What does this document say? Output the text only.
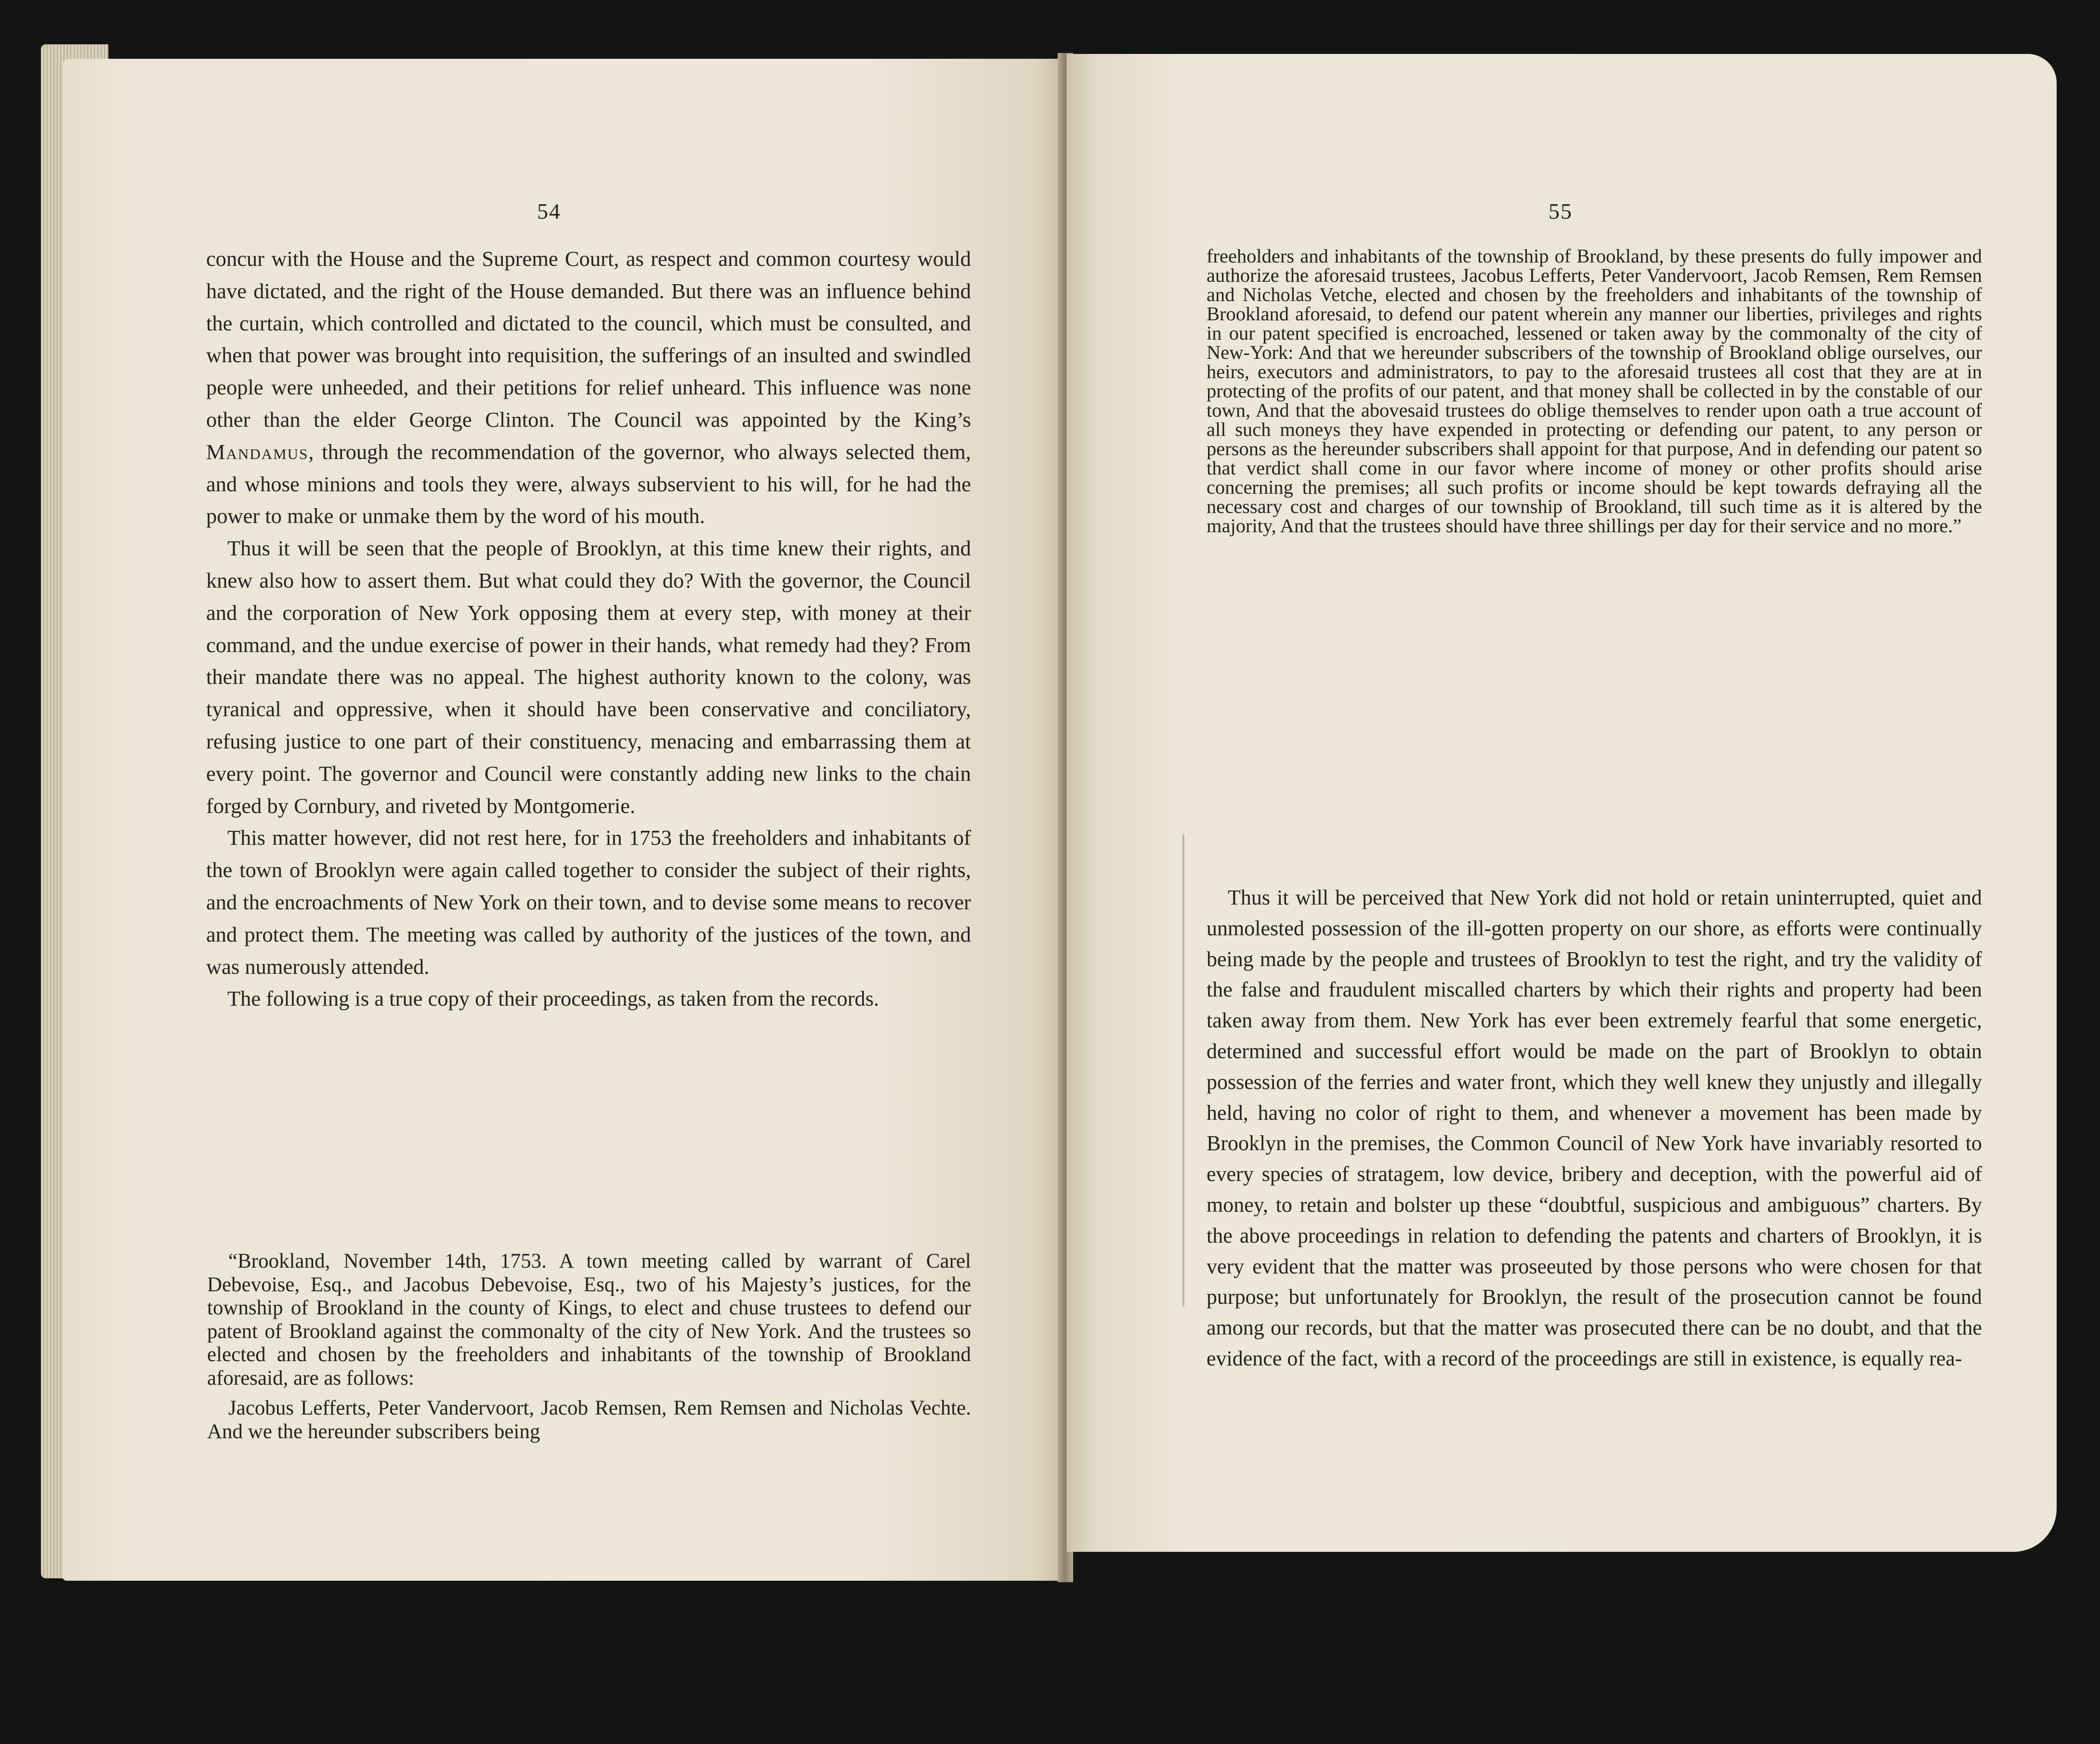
54

concur with the House and the Supreme Court, as respect and common courtesy would have dictated, and the right of the House demanded. But there was an influence behind the curtain, which controlled and dictated to the council, which must be consulted, and when that power was brought into requisition, the sufferings of an insulted and swindled people were unheeded, and their petitions for relief unheard. This influence was none other than the elder George Clinton. The Council was appointed by the King’s Mandamus, through the recommendation of the governor, who always selected them, and whose minions and tools they were, always subservient to his will, for he had the power to make or unmake them by the word of his mouth.

Thus it will be seen that the people of Brooklyn, at this time knew their rights, and knew also how to assert them. But what could they do? With the governor, the Council and the corporation of New York opposing them at every step, with money at their command, and the undue exercise of power in their hands, what remedy had they? From their mandate there was no appeal. The highest authority known to the colony, was tyranical and oppressive, when it should have been conservative and conciliatory, refusing justice to one part of their constituency, menacing and embarrassing them at every point. The governor and Council were constantly adding new links to the chain forged by Cornbury, and riveted by Montgomerie.

This matter however, did not rest here, for in 1753 the freeholders and inhabitants of the town of Brooklyn were again called together to consider the subject of their rights, and the encroachments of New York on their town, and to devise some means to recover and protect them. The meeting was called by authority of the justices of the town, and was numerously attended.

The following is a true copy of their proceedings, as taken from the records.

“Brookland, November 14th, 1753. A town meeting called by warrant of Carel Debevoise, Esq., and Jacobus Debevoise, Esq., two of his Majesty’s justices, for the township of Brookland in the county of Kings, to elect and chuse trustees to defend our patent of Brookland against the commonalty of the city of New York. And the trustees so elected and chosen by the freeholders and inhabitants of the township of Brookland aforesaid, are as follows:

Jacobus Lefferts, Peter Vandervoort, Jacob Remsen, Rem Remsen and Nicholas Vechte. And we the hereunder subscribers being

55

freeholders and inhabitants of the township of Brookland, by these presents do fully impower and authorize the aforesaid trustees, Jacobus Lefferts, Peter Vandervoort, Jacob Remsen, Rem Remsen and Nicholas Vetche, elected and chosen by the freeholders and inhabitants of the township of Brookland aforesaid, to defend our patent wherein any manner our liberties, privileges and rights in our patent specified is encroached, lessened or taken away by the commonalty of the city of New-York: And that we hereunder subscribers of the township of Brookland oblige ourselves, our heirs, executors and administrators, to pay to the aforesaid trustees all cost that they are at in protecting of the profits of our patent, and that money shall be collected in by the constable of our town, And that the abovesaid trustees do oblige themselves to render upon oath a true account of all such moneys they have expended in protecting or defending our patent, to any person or persons as the hereunder subscribers shall appoint for that purpose, And in defending our patent so that verdict shall come in our favor where income of money or other profits should arise concerning the premises; all such profits or income should be kept towards defraying all the necessary cost and charges of our township of Brookland, till such time as it is altered by the majority, And that the trustees should have three shillings per day for their service and no more.”

Thus it will be perceived that New York did not hold or retain uninterrupted, quiet and unmolested possession of the ill-gotten property on our shore, as efforts were continually being made by the people and trustees of Brooklyn to test the right, and try the validity of the false and fraudulent miscalled charters by which their rights and property had been taken away from them. New York has ever been extremely fearful that some energetic, determined and successful effort would be made on the part of Brooklyn to obtain possession of the ferries and water front, which they well knew they unjustly and illegally held, having no color of right to them, and whenever a movement has been made by Brooklyn in the premises, the Common Council of New York have invariably resorted to every species of stratagem, low device, bribery and deception, with the powerful aid of money, to retain and bolster up these “doubtful, suspicious and ambiguous” charters. By the above proceedings in relation to defending the patents and charters of Brooklyn, it is very evident that the matter was proseeuted by those persons who were chosen for that purpose; but unfortunately for Brooklyn, the result of the prosecution cannot be found among our records, but that the matter was prosecuted there can be no doubt, and that the evidence of the fact, with a record of the proceedings are still in existence, is equally rea-
